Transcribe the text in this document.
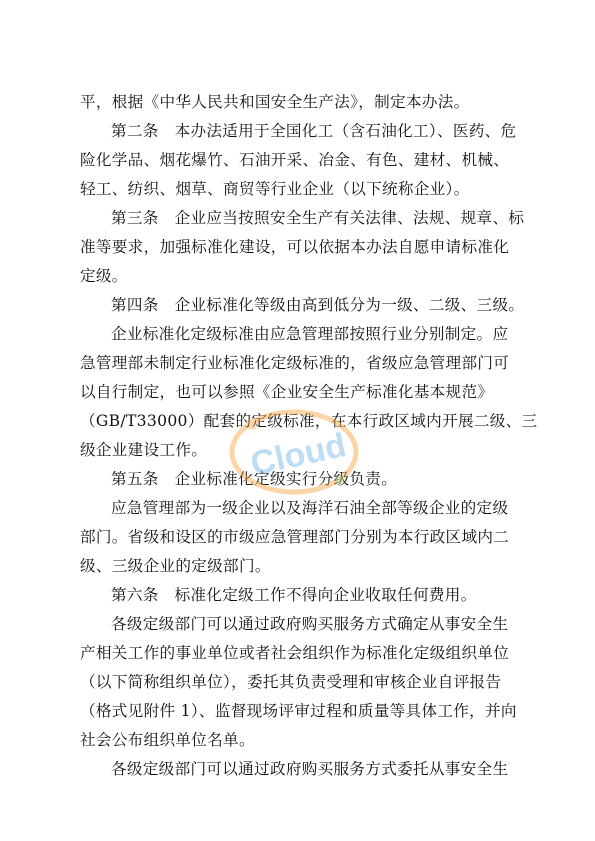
平，根据《中华人民共和国安全生产法》，制定本办法。
第二条　本办法适用于全国化工（含石油化工）、医药、危
险化学品、烟花爆竹、石油开采、冶金、有色、建材、机械、
轻工、纺织、烟草、商贸等行业企业（以下统称企业）。
第三条　企业应当按照安全生产有关法律、法规、规章、标
准等要求，加强标准化建设，可以依据本办法自愿申请标准化
定级。
第四条　企业标准化等级由高到低分为一级、二级、三级。
企业标准化定级标准由应急管理部按照行业分别制定。应
急管理部未制定行业标准化定级标准的，省级应急管理部门可
以自行制定，也可以参照《企业安全生产标准化基本规范》
（GB/T33000）配套的定级标准，在本行政区域内开展二级、三
级企业建设工作。
第五条　企业标准化定级实行分级负责。
应急管理部为一级企业以及海洋石油全部等级企业的定级
部门。省级和设区的市级应急管理部门分别为本行政区域内二
级、三级企业的定级部门。
第六条　标准化定级工作不得向企业收取任何费用。
各级定级部门可以通过政府购买服务方式确定从事安全生
产相关工作的事业单位或者社会组织作为标准化定级组织单位
（以下简称组织单位），委托其负责受理和审核企业自评报告
（格式见附件 1）、监督现场评审过程和质量等具体工作，并向
社会公布组织单位名单。
各级定级部门可以通过政府购买服务方式委托从事安全生
Cloud
